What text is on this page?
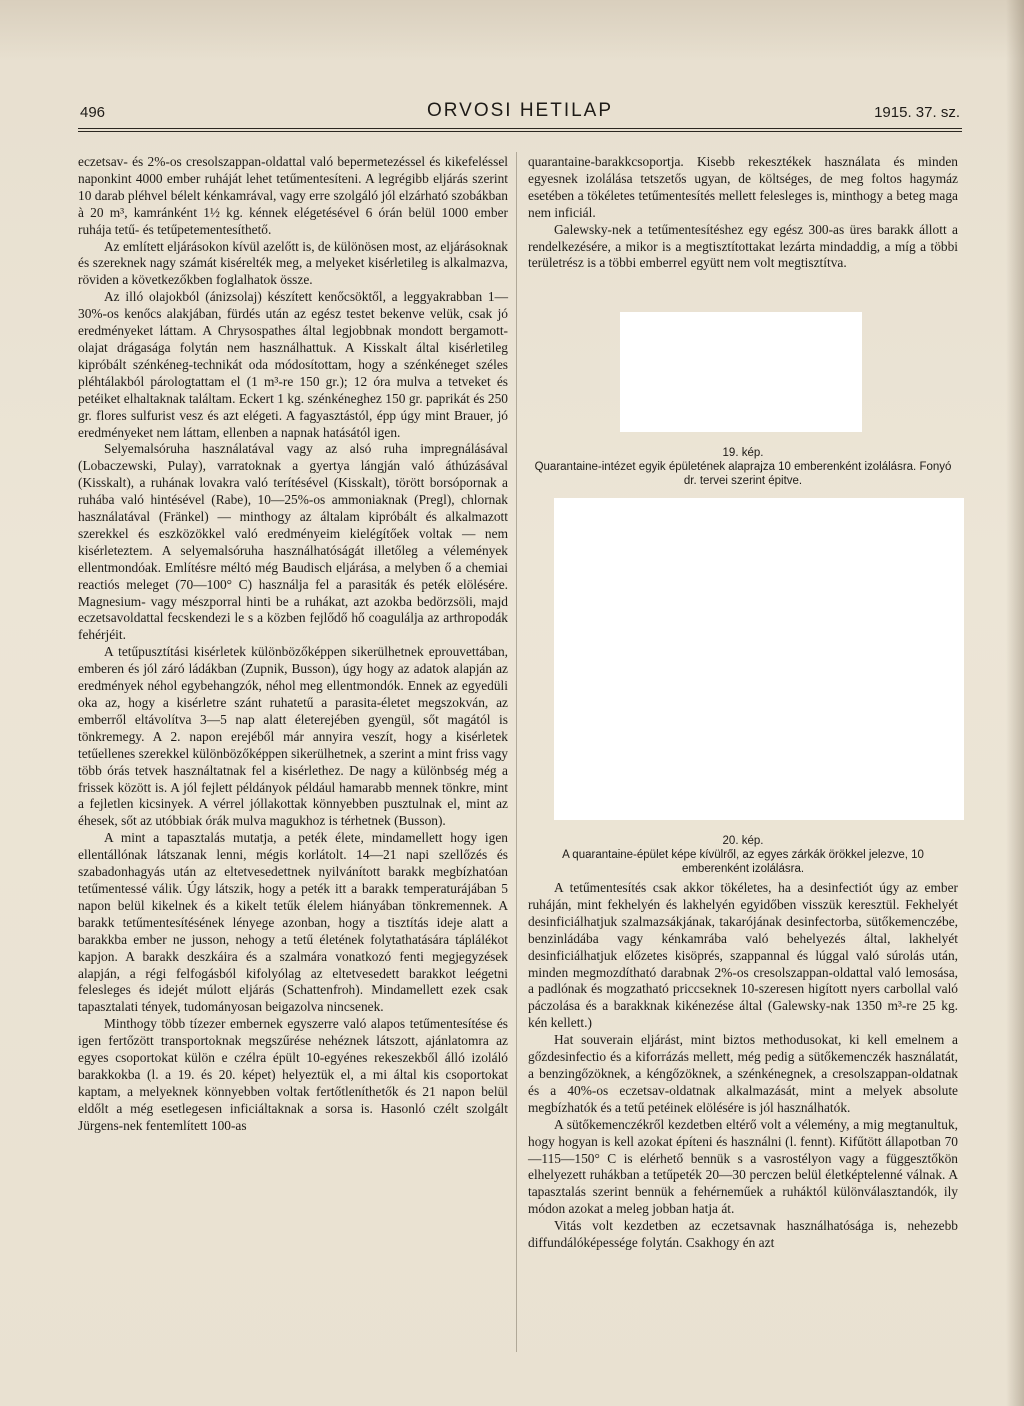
496	ORVOSI HETILAP	1915. 37. sz.

eczetsav- és 2%-os cresolszappan-oldattal való bepermetezéssel és kikefeléssel naponkint 4000 ember ruháját lehet tetűmentesíteni. A legrégibb eljárás szerint 10 darab pléhvel bélelt kénkamrával, vagy erre szolgáló jól elzárható szobákban à 20 m³, kamránként 1½ kg. kénnek elégetésével 6 órán belül 1000 ember ruhája tetű- és tetűpetementesíthető.

Az említett eljárásokon kívül azelőtt is, de különösen most, az eljárásoknak és szereknek nagy számát kisérelték meg, a melyeket kisérletileg is alkalmazva, röviden a következőkben foglalhatok össze.

Az illó olajokból (ánizsolaj) készített kenőcsöktől, a leggyakrabban 1—30%-os kenőcs alakjában, fürdés után az egész testet bekenve velük, csak jó eredményeket láttam. A Chrysospathes által legjobbnak mondott bergamott-olajat drágasága folytán nem használhattuk. A Kisskalt által kisérletileg kipróbált szénkéneg-technikát oda módosítottam, hogy a szénkéneget széles pléhtálakból párologtattam el (1 m³-re 150 gr.); 12 óra mulva a tetveket és petéiket elhaltaknak találtam. Eckert 1 kg. szénkéneghez 150 gr. paprikát és 250 gr. flores sulfurist vesz és azt elégeti. A fagyasztástól, épp úgy mint Brauer, jó eredményeket nem láttam, ellenben a napnak hatásától igen.

Selyemalsóruha használatával vagy az alsó ruha impregnálásával (Lobaczewski, Pulay), varratoknak a gyertya lángján való áthúzásával (Kisskalt), a ruhának lovakra való terítésével (Kisskalt), törött borsópornak a ruhába való hintésével (Rabe), 10—25%-os ammoniaknak (Pregl), chlornak használatával (Fränkel) — minthogy az általam kipróbált és alkalmazott szerekkel és eszközökkel való eredményeim kielégítőek voltak — nem kisérleteztem. A selyemalsóruha használhatóságát illetőleg a vélemények ellentmondóak. Említésre méltó még Baudisch eljárása, a melyben ő a chemiai reactiós meleget (70—100° C) használja fel a parasiták és peték elölésére. Magnesium- vagy mészporral hinti be a ruhákat, azt azokba bedörzsöli, majd eczetsavoldattal fecskendezi le s a közben fejlődő hő coagulálja az arthropodák fehérjéit.

A tetűpusztítási kisérletek különbözőképpen sikerülhetnek eprouvettában, emberen és jól záró ládákban (Zupnik, Busson), úgy hogy az adatok alapján az eredmények néhol egybehangzók, néhol meg ellentmondók. Ennek az egyedüli oka az, hogy a kisérletre szánt ruhatetű a parasita-életet megszokván, az emberről eltávolítva 3—5 nap alatt életerejében gyengül, sőt magától is tönkremegy. A 2. napon erejéből már annyira veszít, hogy a kisérletek tetűellenes szerekkel különbözőképpen sikerülhetnek, a szerint a mint friss vagy több órás tetvek használtatnak fel a kisérlethez. De nagy a különbség még a frissek között is. A jól fejlett példányok például hamarabb mennek tönkre, mint a fejletlen kicsinyek. A vérrel jóllakottak könnyebben pusztulnak el, mint az éhesek, sőt az utóbbiak órák mulva magukhoz is térhetnek (Busson).

A mint a tapasztalás mutatja, a peték élete, mindamellett hogy igen ellentállónak látszanak lenni, mégis korlátolt. 14—21 napi szellőzés és szabadonhagyás után az eltetvesedettnek nyilvánított barakk megbízhatóan tetűmentessé válik. Úgy látszik, hogy a peték itt a barakk temperaturájában 5 napon belül kikelnek és a kikelt tetűk élelem hiányában tönkremennek. A barakk tetűmentesítésének lényege azonban, hogy a tisztítás ideje alatt a barakkba ember ne jusson, nehogy a tetű életének folytathatására táplálékot kapjon. A barakk deszkáira és a szalmára vonatkozó fenti megjegyzések alapján, a régi felfogásból kifolyólag az eltetvesedett barakkot leégetni felesleges és idejét múlott eljárás (Schattenfroh). Mindamellett ezek csak tapasztalati tények, tudományosan beigazolva nincsenek.

Minthogy több tízezer embernek egyszerre való alapos tetűmentesítése és igen fertőzött transportoknak megszűrése nehéznek látszott, ajánlatomra az egyes csoportokat külön e czélra épült 10-egyénes rekeszekből álló izoláló barakkokba (l. a 19. és 20. képet) helyeztük el, a mi által kis csoportokat kaptam, a melyeknek könnyebben voltak fertőtleníthetők és 21 napon belül eldőlt a még esetlegesen inficiáltaknak a sorsa is. Hasonló czélt szolgált Jürgens-nek fentemlített 100-as

quarantaine-barakkcsoportja. Kisebb rekesztékek használata és minden egyesnek izolálása tetszetős ugyan, de költséges, de meg foltos hagymáz esetében a tökéletes tetűmentesítés mellett felesleges is, minthogy a beteg maga nem inficiál.

Galewsky-nek a tetűmentesítéshez egy egész 300-as üres barakk állott a rendelkezésére, a mikor is a megtisztítottakat lezárta mindaddig, a míg a többi területrész is a többi emberrel együtt nem volt megtisztítva.

19. kép.
Quarantaine-intézet egyik épületének alaprajza 10 emberenként izolálásra. Fonyó dr. tervei szerint épitve.
20. kép.
A quarantaine-épület képe kívülről, az egyes zárkák örökkel jelezve, 10 emberenként izolálásra.

A tetűmentesítés csak akkor tökéletes, ha a desinfectiót úgy az ember ruháján, mint fekhelyén és lakhelyén egyidőben visszük keresztül. Fekhelyét desinficiálhatjuk szalmazsákjának, takarójának desinfectorba, sütőkemenczébe, benzinládába vagy kénkamrába való behelyezés által, lakhelyét desinficiálhatjuk előzetes kisöprés, szappannal és lúggal való súrolás után, minden megmozdítható darabnak 2%-os cresolszappan-oldattal való lemosása, a padlónak és mogzatható priccseknek 10-szeresen higított nyers carbollal való páczolása és a barakknak kikénezése által (Galewsky-nak 1350 m³-re 25 kg. kén kellett.)

Hat souverain eljárást, mint biztos methodusokat, ki kell emelnem a gőzdesinfectio és a kiforrázás mellett, még pedig a sütőkemenczék használatát, a benzingőzöknek, a kéngőzöknek, a szénkénegnek, a cresolszappan-oldatnak és a 40%-os eczetsav-oldatnak alkalmazását, mint a melyek absolute megbízhatók és a tetű petéinek elölésére is jól használhatók.

A sütőkemenczékről kezdetben eltérő volt a vélemény, a mig megtanultuk, hogy hogyan is kell azokat építeni és használni (l. fennt). Kifűtött állapotban 70—115—150° C is elérhető bennük s a vasrostélyon vagy a függesztőkön elhelyezett ruhákban a tetűpeték 20—30 perczen belül életképtelenné válnak. A tapasztalás szerint bennük a fehérneműek a ruháktól különválasztandók, ily módon azokat a meleg jobban hatja át.

Vitás volt kezdetben az eczetsavnak használhatósága is, nehezebb diffundálóképessége folytán. Csakhogy én azt
